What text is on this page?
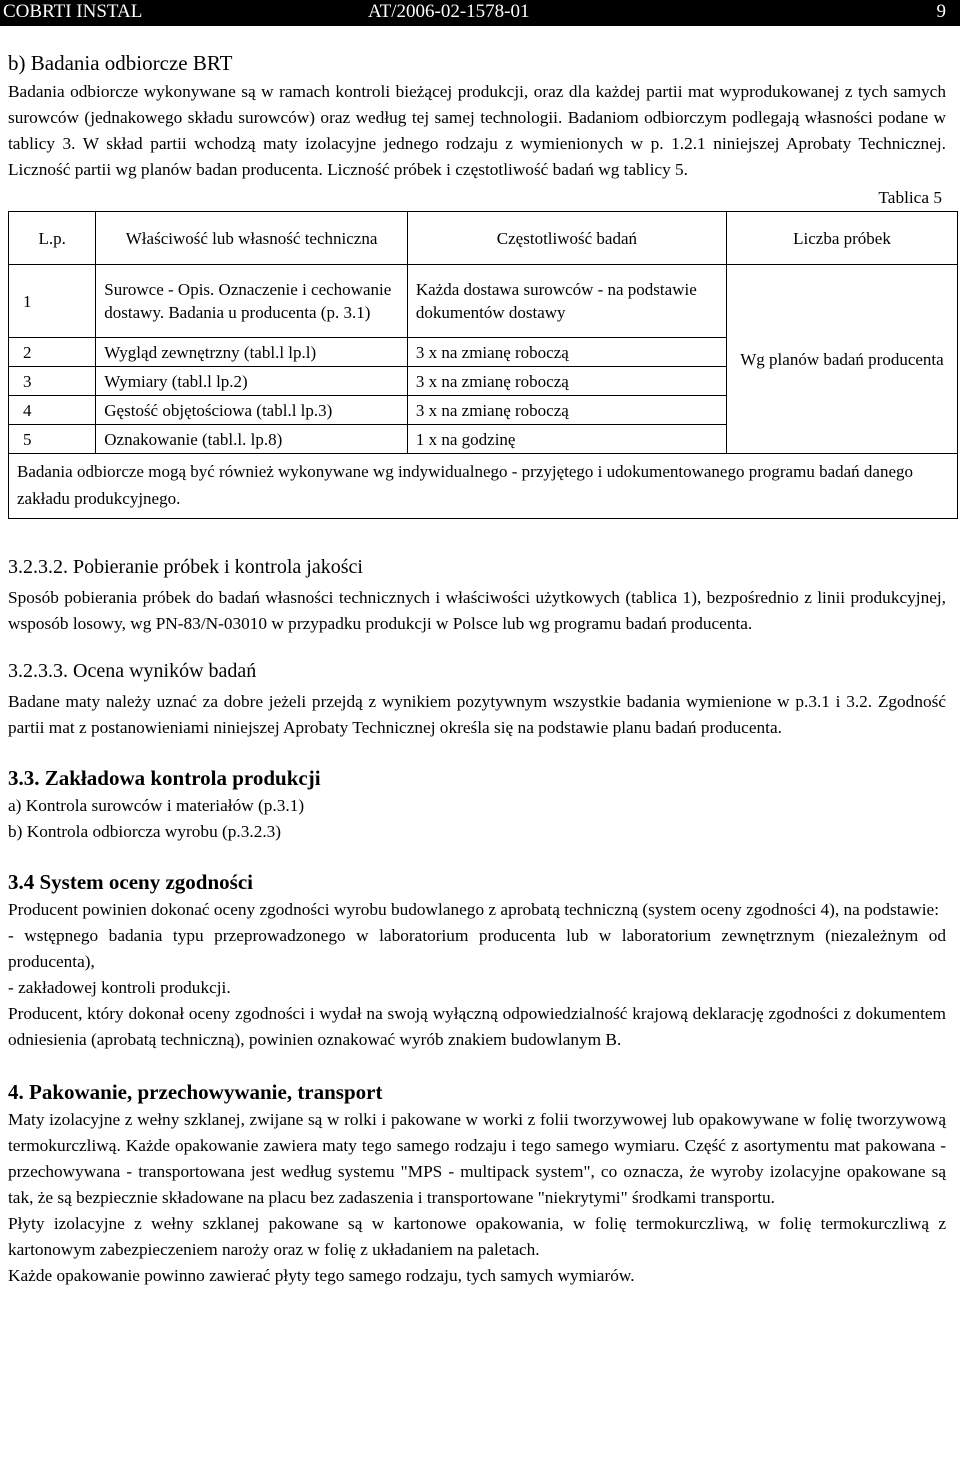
COBRTI INSTAL	AT/2006-02-1578-01	9
b) Badania odbiorcze BRT

Badania odbiorcze wykonywane są w ramach kontroli bieżącej produkcji, oraz dla każdej partii mat wyprodukowanej z tych samych surowców (jednakowego składu surowców) oraz według tej samej technologii. Badaniom odbiorczym podlegają własności podane w tablicy 3. W skład partii wchodzą maty izolacyjne jednego rodzaju z wymienionych w p. 1.2.1 niniejszej Aprobaty Technicznej. Liczność partii wg planów badan producenta. Liczność próbek i częstotliwość badań wg tablicy 5.

Tablica 5
L.p.	Właściwość lub własność techniczna	Częstotliwość badań	Liczba próbek
1	Surowce - Opis. Oznaczenie i cechowanie dostawy. Badania u producenta (p. 3.1)	Każda dostawa surowców - na podstawie dokumentów dostawy	Wg planów badań producenta
2	Wygląd zewnętrzny (tabl.l lp.l)	3 x na zmianę roboczą	
3	Wymiary (tabl.l lp.2)	3 x na zmianę roboczą	
4	Gęstość objętościowa (tabl.l lp.3)	3 x na zmianę roboczą	
5	Oznakowanie (tabl.l. lp.8)	1 x na godzinę	
Badania odbiorcze mogą być również wykonywane wg indywidualnego - przyjętego i udokumentowanego programu badań danego zakładu produkcyjnego.			
3.2.3.2. Pobieranie próbek i kontrola jakości

Sposób pobierania próbek do badań własności technicznych i właściwości użytkowych (tablica 1), bezpośrednio z linii produkcyjnej, wsposób losowy, wg PN-83/N-03010 w przypadku produkcji w Polsce lub wg programu badań producenta.

3.2.3.3. Ocena wyników badań

Badane maty należy uznać za dobre jeżeli przejdą z wynikiem pozytywnym wszystkie badania wymienione w p.3.1 i 3.2. Zgodność partii mat z postanowieniami niniejszej Aprobaty Technicznej określa się na podstawie planu badań producenta.

3.3. Zakładowa kontrola produkcji

a) Kontrola surowców i materiałów (p.3.1)

b) Kontrola odbiorcza wyrobu (p.3.2.3)

3.4 System oceny zgodności

Producent powinien dokonać oceny zgodności wyrobu budowlanego z aprobatą techniczną (system oceny zgodności 4), na podstawie:

- wstępnego badania typu przeprowadzonego w laboratorium producenta lub w laboratorium zewnętrznym (niezależnym od producenta),

- zakładowej kontroli produkcji.

Producent, który dokonał oceny zgodności i wydał na swoją wyłączną odpowiedzialność krajową deklarację zgodności z dokumentem odniesienia (aprobatą techniczną), powinien oznakować wyrób znakiem budowlanym B.

4. Pakowanie, przechowywanie, transport

Maty izolacyjne z wełny szklanej, zwijane są w rolki i pakowane w worki z folii tworzywowej lub opakowywane w folię tworzywową termokurczliwą. Każde opakowanie zawiera maty tego samego rodzaju i tego samego wymiaru. Część z asortymentu mat pakowana - przechowywana - transportowana jest według systemu "MPS - multipack system", co oznacza, że wyroby izolacyjne opakowane są tak, że są bezpiecznie składowane na placu bez zadaszenia i transportowane "niekrytymi" środkami transportu.

Płyty izolacyjne z wełny szklanej pakowane są w kartonowe opakowania, w folię termokurczliwą, w folię termokurczliwą z kartonowym zabezpieczeniem naroży oraz w folię z układaniem na paletach.

Każde opakowanie powinno zawierać płyty tego samego rodzaju, tych samych wymiarów.
